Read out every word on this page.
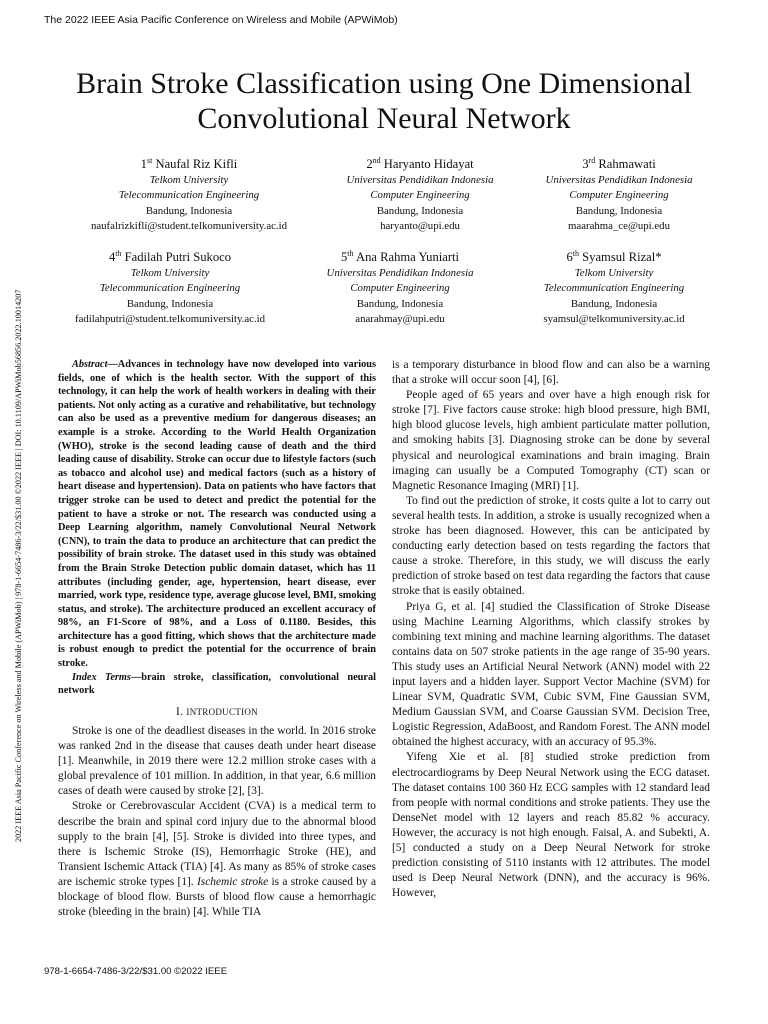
The 2022 IEEE Asia Pacific Conference on Wireless and Mobile (APWiMob)
2022 IEEE Asia Pacific Conference on Wireless and Mobile (APWiMob) | 978-1-6654-7486-3/22/$31.00 ©2022 IEEE | DOI: 10.1109/APWiMob56856.2022.10014207
Brain Stroke Classification using One Dimensional
Convolutional Neural Network
1st Naufal Riz Kifli
Telkom University
Telecommunication Engineering
Bandung, Indonesia
naufalrizkifli@student.telkomuniversity.ac.id
2nd Haryanto Hidayat
Universitas Pendidikan Indonesia
Computer Engineering
Bandung, Indonesia
haryanto@upi.edu
3rd Rahmawati
Universitas Pendidikan Indonesia
Computer Engineering
Bandung, Indonesia
maarahma_ce@upi.edu
4th Fadilah Putri Sukoco
Telkom University
Telecommunication Engineering
Bandung, Indonesia
fadilahputri@student.telkomuniversity.ac.id
5th Ana Rahma Yuniarti
Universitas Pendidikan Indonesia
Computer Engineering
Bandung, Indonesia
anarahmay@upi.edu
6th Syamsul Rizal*
Telkom University
Telecommunication Engineering
Bandung, Indonesia
syamsul@telkomuniversity.ac.id

Abstract—Advances in technology have now developed into various fields, one of which is the health sector. With the support of this technology, it can help the work of health workers in dealing with their patients. Not only acting as a curative and rehabilitative, but technology can also be used as a preventive medium for dangerous diseases; an example is a stroke. According to the World Health Organization (WHO), stroke is the second leading cause of death and the third leading cause of disability. Stroke can occur due to lifestyle factors (such as tobacco and alcohol use) and medical factors (such as a history of heart disease and hypertension). Data on patients who have factors that trigger stroke can be used to detect and predict the potential for the patient to have a stroke or not. The research was conducted using a Deep Learning algorithm, namely Convolutional Neural Network (CNN), to train the data to produce an architecture that can predict the possibility of brain stroke. The dataset used in this study was obtained from the Brain Stroke Detection public domain dataset, which has 11 attributes (including gender, age, hypertension, heart disease, ever married, work type, residence type, average glucose level, BMI, smoking status, and stroke). The architecture produced an excellent accuracy of 98%, an F1-Score of 98%, and a Loss of 0.1180. Besides, this architecture has a good fitting, which shows that the architecture made is robust enough to predict the potential for the occurrence of brain stroke.

Index Terms—brain stroke, classification, convolutional neural network

I. INTRODUCTION

Stroke is one of the deadliest diseases in the world. In 2016 stroke was ranked 2nd in the disease that causes death under heart disease [1]. Meanwhile, in 2019 there were 12.2 million stroke cases with a global prevalence of 101 million. In addition, in that year, 6.6 million cases of death were caused by stroke [2], [3].

Stroke or Cerebrovascular Accident (CVA) is a medical term to describe the brain and spinal cord injury due to the abnormal blood supply to the brain [4], [5]. Stroke is divided into three types, and there is Ischemic Stroke (IS), Hemorrhagic Stroke (HE), and Transient Ischemic Attack (TIA) [4]. As many as 85% of stroke cases are ischemic stroke types [1]. Ischemic stroke is a stroke caused by a blockage of blood flow. Bursts of blood flow cause a hemorrhagic stroke (bleeding in the brain) [4]. While TIA

is a temporary disturbance in blood flow and can also be a warning that a stroke will occur soon [4], [6].

People aged of 65 years and over have a high enough risk for stroke [7]. Five factors cause stroke: high blood pressure, high BMI, high blood glucose levels, high ambient particulate matter pollution, and smoking habits [3]. Diagnosing stroke can be done by several physical and neurological examinations and brain imaging. Brain imaging can usually be a Computed Tomography (CT) scan or Magnetic Resonance Imaging (MRI) [1].

To find out the prediction of stroke, it costs quite a lot to carry out several health tests. In addition, a stroke is usually recognized when a stroke has been diagnosed. However, this can be anticipated by conducting early detection based on tests regarding the factors that cause a stroke. Therefore, in this study, we will discuss the early prediction of stroke based on test data regarding the factors that cause stroke that is easily obtained.

Priya G, et al. [4] studied the Classification of Stroke Disease using Machine Learning Algorithms, which classify strokes by combining text mining and machine learning algorithms. The dataset contains data on 507 stroke patients in the age range of 35-90 years. This study uses an Artificial Neural Network (ANN) model with 22 input layers and a hidden layer. Support Vector Machine (SVM) for Linear SVM, Quadratic SVM, Cubic SVM, Fine Gaussian SVM, Medium Gaussian SVM, and Coarse Gaussian SVM. Decision Tree, Logistic Regression, AdaBoost, and Random Forest. The ANN model obtained the highest accuracy, with an accuracy of 95.3%.

Yifeng Xie et al. [8] studied stroke prediction from electrocardiograms by Deep Neural Network using the ECG dataset. The dataset contains 100 360 Hz ECG samples with 12 standard lead from people with normal conditions and stroke patients. They use the DenseNet model with 12 layers and reach 85.82 % accuracy. However, the accuracy is not high enough. Faisal, A. and Subekti, A. [5] conducted a study on a Deep Neural Network for stroke prediction consisting of 5110 instants with 12 attributes. The model used is Deep Neural Network (DNN), and the accuracy is 96%. However,

978-1-6654-7486-3/22/$31.00 ©2022 IEEE
